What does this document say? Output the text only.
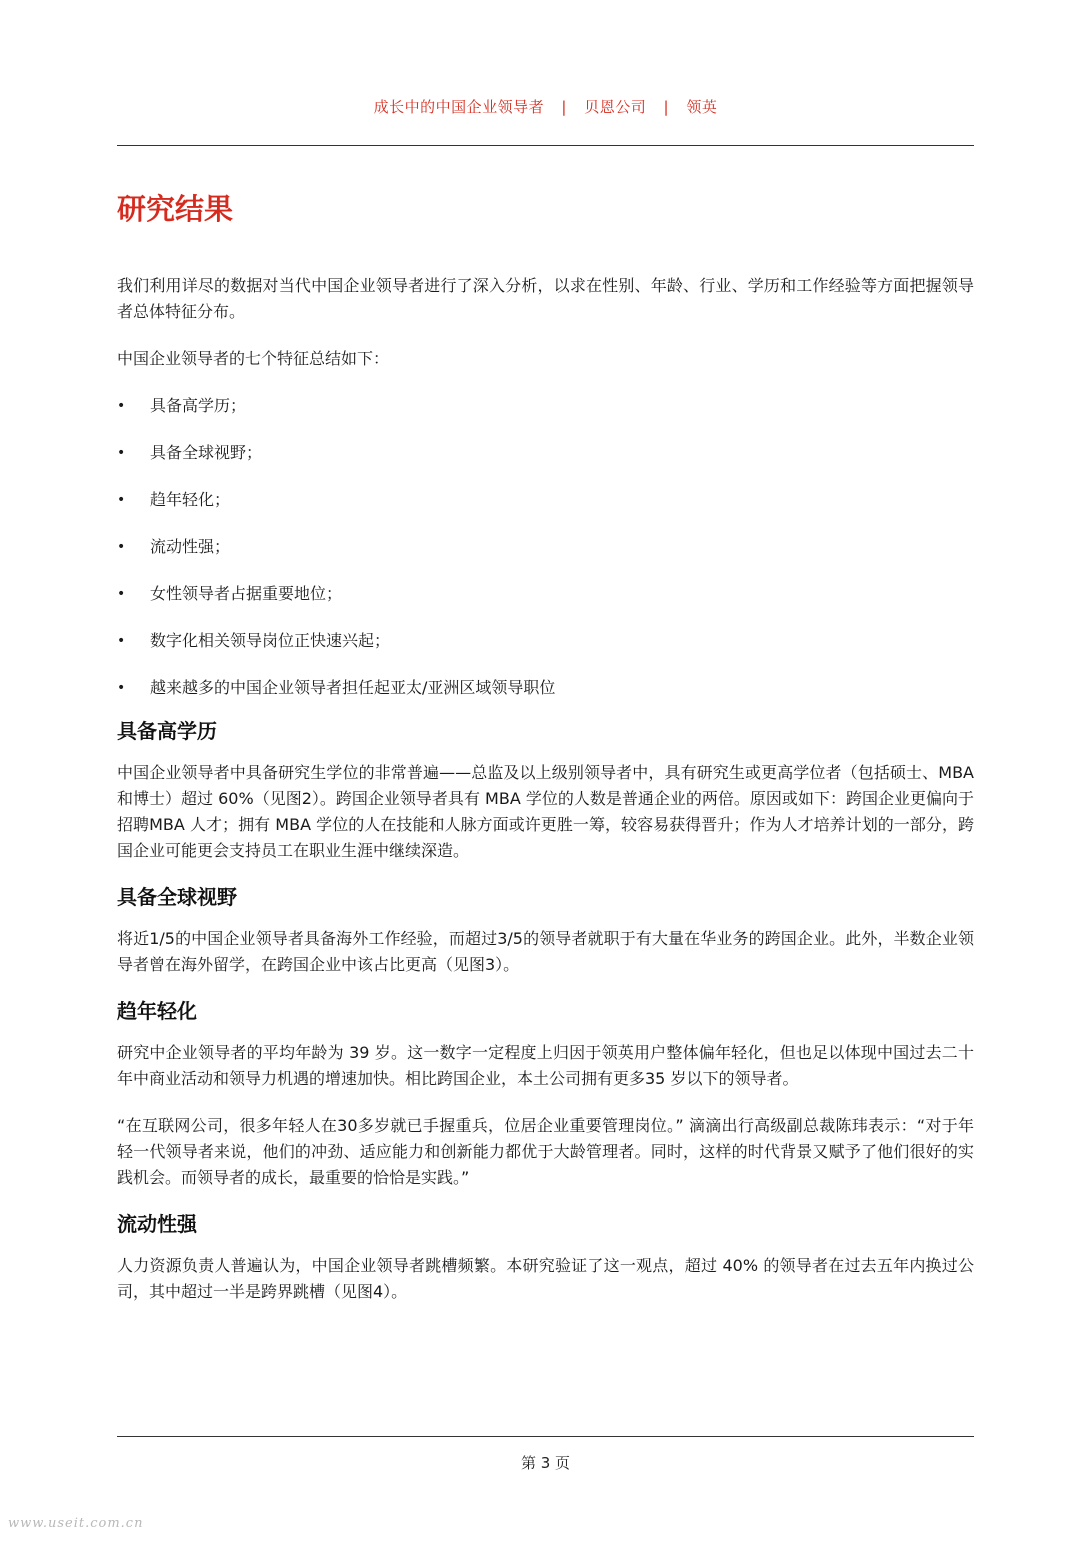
成长中的中国企业领导者 | 贝恩公司 | 领英
研究结果

我们利用详尽的数据对当代中国企业领导者进行了深入分析，以求在性别、年龄、行业、学历和工作经验等方面把握领导者总体特征分布。

中国企业领导者的七个特征总结如下：

• 具备高学历；
• 具备全球视野；
• 趋年轻化；
• 流动性强；
• 女性领导者占据重要地位；
• 数字化相关领导岗位正快速兴起；
• 越来越多的中国企业领导者担任起亚太/亚洲区域领导职位
具备高学历

中国企业领导者中具备研究生学位的非常普遍——总监及以上级别领导者中，具有研究生或更高学位者（包括硕士、MBA 和博士）超过 60%（见图2）。跨国企业领导者具有 MBA 学位的人数是普通企业的两倍。原因或如下：跨国企业更偏向于招聘MBA 人才；拥有 MBA 学位的人在技能和人脉方面或许更胜一筹，较容易获得晋升；作为人才培养计划的一部分，跨国企业可能更会支持员工在职业生涯中继续深造。

具备全球视野

将近1/5的中国企业领导者具备海外工作经验，而超过3/5的领导者就职于有大量在华业务的跨国企业。此外，半数企业领导者曾在海外留学，在跨国企业中该占比更高（见图3）。

趋年轻化

研究中企业领导者的平均年龄为 39 岁。这一数字一定程度上归因于领英用户整体偏年轻化，但也足以体现中国过去二十年中商业活动和领导力机遇的增速加快。相比跨国企业，本土公司拥有更多35 岁以下的领导者。

“在互联网公司，很多年轻人在30多岁就已手握重兵，位居企业重要管理岗位。” 滴滴出行高级副总裁陈玮表示：“对于年轻一代领导者来说，他们的冲劲、适应能力和创新能力都优于大龄管理者。同时，这样的时代背景又赋予了他们很好的实践机会。而领导者的成长，最重要的恰恰是实践。”

流动性强

人力资源负责人普遍认为，中国企业领导者跳槽频繁。本研究验证了这一观点，超过 40% 的领导者在过去五年内换过公司，其中超过一半是跨界跳槽（见图4）。

第 3 页
www.useit.com.cn
